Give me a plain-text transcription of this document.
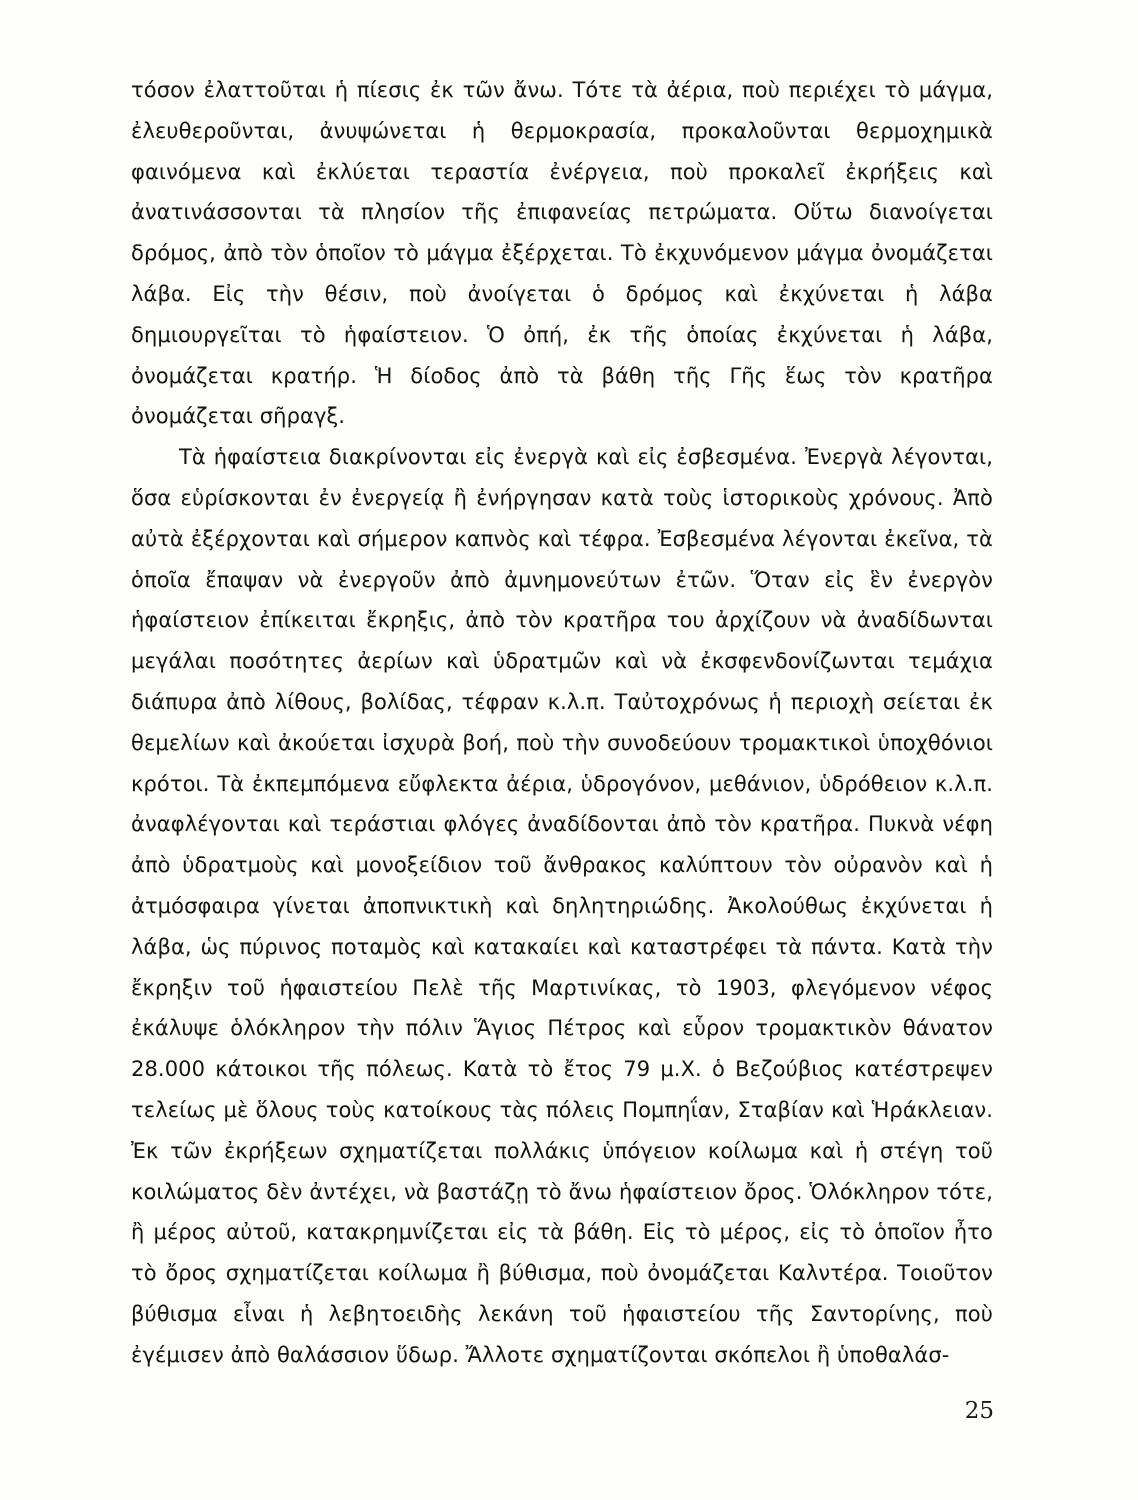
τόσον ἐλαττοῦται ἡ πίεσις ἐκ τῶν ἄνω. Τότε τὰ ἀέρια, ποὺ περιέχει τὸ μάγμα, ἐλευθεροῦνται, ἀνυψώνεται ἡ θερμοκρασία, προκαλοῦνται θερμοχημικὰ φαινόμενα καὶ ἐκλύεται τεραστία ἐνέργεια, ποὺ προκαλεῖ ἐκρήξεις καὶ ἀνατινάσσονται τὰ πλησίον τῆς ἐπιφανείας πετρώματα. Οὕτω διανοίγεται δρόμος, ἀπὸ τὸν ὁποῖον τὸ μάγμα ἐξέρχεται. Τὸ ἐκχυνόμενον μάγμα ὀνομάζεται λάβα. Εἰς τὴν θέσιν, ποὺ ἀνοίγεται ὁ δρόμος καὶ ἐκχύνεται ἡ λάβα δημιουργεῖται τὸ ἡφαίστειον. Ὁ ὀπή, ἐκ τῆς ὁποίας ἐκχύνεται ἡ λάβα, ὀνομάζεται κρατήρ. Ἡ δίοδος ἀπὸ τὰ βάθη τῆς Γῆς ἕως τὸν κρατῆρα ὀνομάζεται σῆραγξ.

Τὰ ἡφαίστεια διακρίνονται εἰς ἐνεργὰ καὶ εἰς ἐσβεσμένα. Ἐνεργὰ λέγονται, ὅσα εὑρίσκονται ἐν ἐνεργείᾳ ἢ ἐνήργησαν κατὰ τοὺς ἱστορικοὺς χρόνους. Ἀπὸ αὐτὰ ἐξέρχονται καὶ σήμερον καπνὸς καὶ τέφρα. Ἐσβεσμένα λέγονται ἐκεῖνα, τὰ ὁποῖα ἔπαψαν νὰ ἐνεργοῦν ἀπὸ ἀμνημονεύτων ἐτῶν. Ὅταν εἰς ἓν ἐνεργὸν ἡφαίστειον ἐπίκειται ἔκρηξις, ἀπὸ τὸν κρατῆρα του ἀρχίζουν νὰ ἀναδίδωνται μεγάλαι ποσότητες ἀερίων καὶ ὑδρατμῶν καὶ νὰ ἐκσφενδονίζωνται τεμάχια διάπυρα ἀπὸ λίθους, βολίδας, τέφραν κ.λ.π. Ταὐτοχρόνως ἡ περιοχὴ σείεται ἐκ θεμελίων καὶ ἀκούεται ἰσχυρὰ βοή, ποὺ τὴν συνοδεύουν τρομακτικοὶ ὑποχθόνιοι κρότοι. Τὰ ἐκπεμπόμενα εὔφλεκτα ἀέρια, ὑδρογόνον, μεθάνιον, ὑδρόθειον κ.λ.π. ἀναφλέγονται καὶ τεράστιαι φλόγες ἀναδίδονται ἀπὸ τὸν κρατῆρα. Πυκνὰ νέφη ἀπὸ ὑδρατμοὺς καὶ μονοξείδιον τοῦ ἄνθρακος καλύπτουν τὸν οὐρανὸν καὶ ἡ ἀτμόσφαιρα γίνεται ἀποπνικτικὴ καὶ δηλητηριώδης. Ἀκολούθως ἐκχύνεται ἡ λάβα, ὡς πύρινος ποταμὸς καὶ κατακαίει καὶ καταστρέφει τὰ πάντα. Κατὰ τὴν ἔκρηξιν τοῦ ἡφαιστείου Πελὲ τῆς Μαρτινίκας, τὸ 1903, φλεγόμενον νέφος ἐκάλυψε ὁλόκληρον τὴν πόλιν Ἅγιος Πέτρος καὶ εὗρον τρομακτικὸν θάνατον 28.000 κάτοικοι τῆς πόλεως. Κατὰ τὸ ἔτος 79 μ.Χ. ὁ Βεζούβιος κατέστρεψεν τελείως μὲ ὅλους τοὺς κατοίκους τὰς πόλεις Πομπηΐαν, Σταβίαν καὶ Ἡράκλειαν. Ἐκ τῶν ἐκρήξεων σχηματίζεται πολλάκις ὑπόγειον κοίλωμα καὶ ἡ στέγη τοῦ κοιλώματος δὲν ἀντέχει, νὰ βαστάζῃ τὸ ἄνω ἡφαίστειον ὄρος. Ὁλόκληρον τότε, ἢ μέρος αὐτοῦ, κατακρημνίζεται εἰς τὰ βάθη. Εἰς τὸ μέρος, εἰς τὸ ὁποῖον ἦτο τὸ ὄρος σχηματίζεται κοίλωμα ἢ βύθισμα, ποὺ ὀνομάζεται Καλντέρα. Τοιοῦτον βύθισμα εἶναι ἡ λεβητοειδὴς λεκάνη τοῦ ἡφαιστείου τῆς Σαντορίνης, ποὺ ἐγέμισεν ἀπὸ θαλάσσιον ὕδωρ. Ἄλλοτε σχηματίζονται σκόπελοι ἢ ὑποθαλάσ-

25
